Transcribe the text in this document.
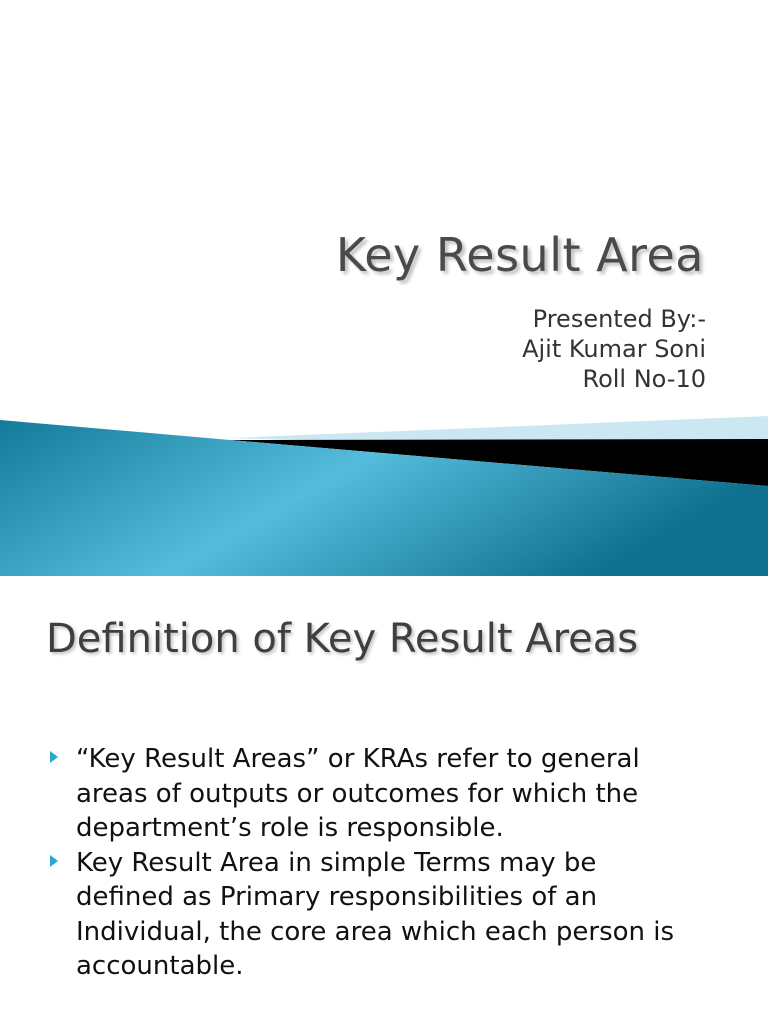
Key Result Area
Presented By:-
Ajit Kumar Soni
Roll No-10
Definition of Key Result Areas
“Key Result Areas” or KRAs refer to general
areas of outputs or outcomes for which the
department’s role is responsible.
Key Result Area in simple Terms may be
defined as Primary responsibilities of an
Individual, the core area which each person is
accountable.
